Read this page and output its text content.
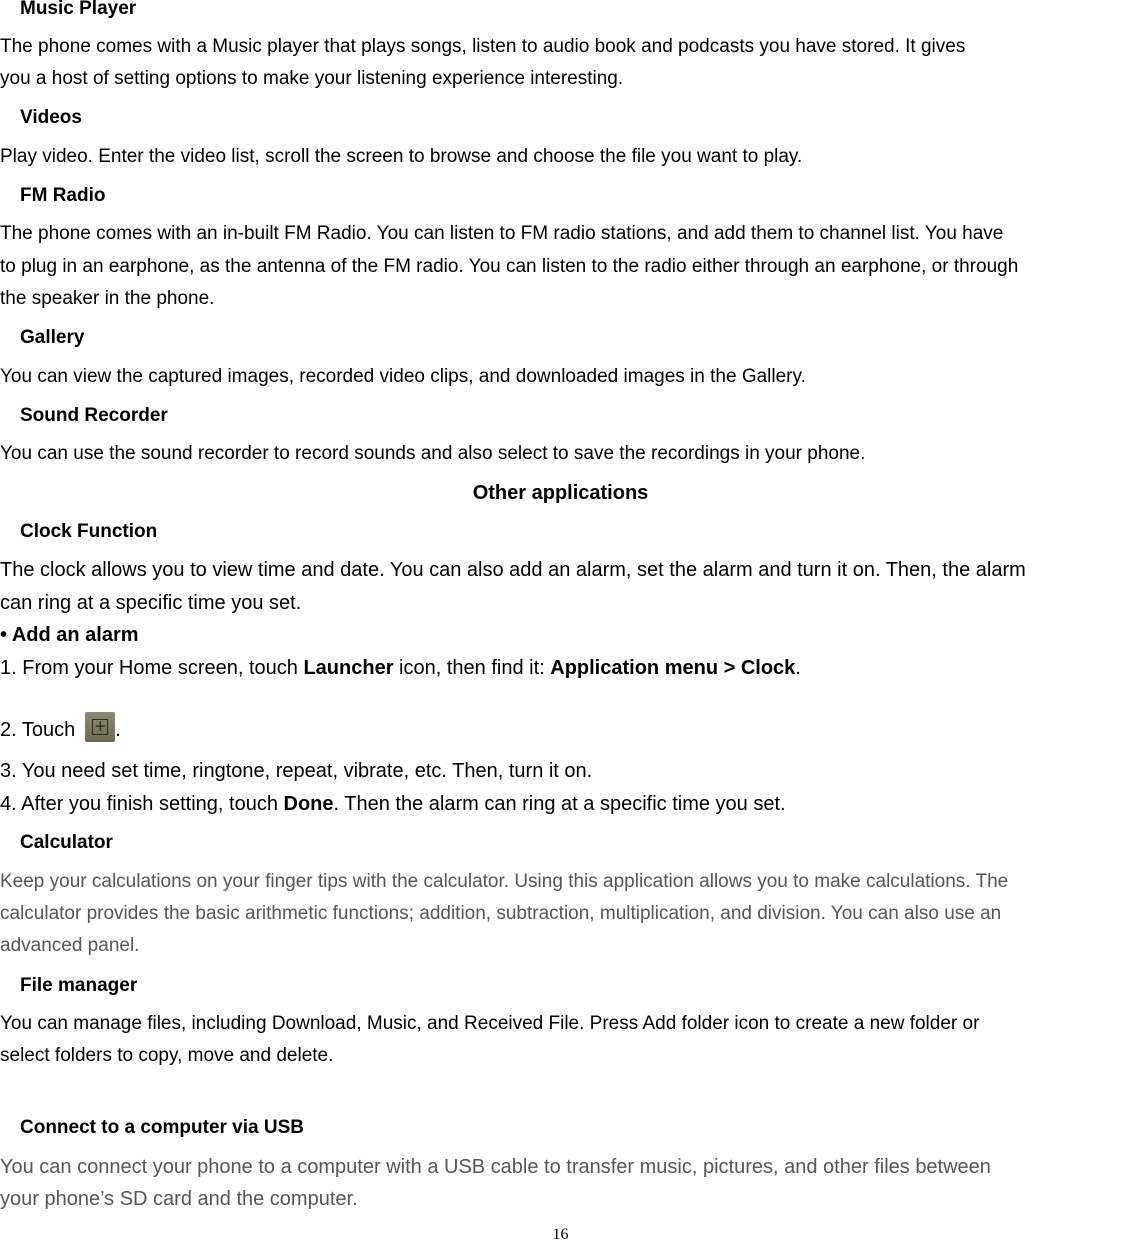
Music Player
The phone comes with a Music player that plays songs, listen to audio book and podcasts you have stored. It gives
you a host of setting options to make your listening experience interesting.
Videos
Play video. Enter the video list, scroll the screen to browse and choose the file you want to play.
FM Radio
The phone comes with an in-built FM Radio. You can listen to FM radio stations, and add them to channel list. You have
to plug in an earphone, as the antenna of the FM radio. You can listen to the radio either through an earphone, or through
the speaker in the phone.
Gallery
You can view the captured images, recorded video clips, and downloaded images in the Gallery.
Sound Recorder
You can use the sound recorder to record sounds and also select to save the recordings in your phone.
Other applications
Clock Function
The clock allows you to view time and date. You can also add an alarm, set the alarm and turn it on. Then, the alarm
can ring at a specific time you set.
• Add an alarm
1. From your Home screen, touch Launcher icon, then find it: Application menu > Clock.
2. Touch + .
3. You need set time, ringtone, repeat, vibrate, etc. Then, turn it on.
4. After you finish setting, touch Done. Then the alarm can ring at a specific time you set.
Calculator
Keep your calculations on your finger tips with the calculator. Using this application allows you to make calculations. The
calculator provides the basic arithmetic functions; addition, subtraction, multiplication, and division. You can also use an
advanced panel.
File manager
You can manage files, including Download, Music, and Received File. Press Add folder icon to create a new folder or
select folders to copy, move and delete.
Connect to a computer via USB
You can connect your phone to a computer with a USB cable to transfer music, pictures, and other files between
your phone’s SD card and the computer.
16
